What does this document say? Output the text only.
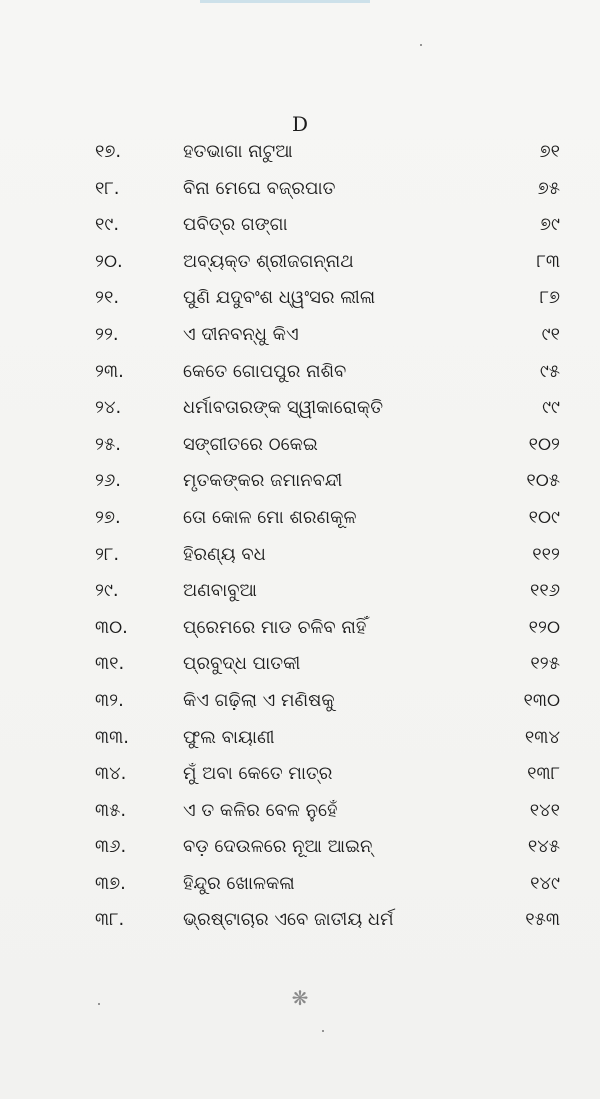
D
୧୭.	ହତଭାଗା ନାଟୁଆ	୭୧
୧୮.	ବିନା ମେଘେ ବଜ୍ରପାତ	୭୫
୧୯.	ପବିତ୍ର ଗଙ୍ଗା	୭୯
୨୦.	ଅବ୍ୟକ୍ତ ଶ୍ରୀଜଗନ୍ନାଥ	୮୩
୨୧.	ପୁଣି ଯଦୁବଂଶ ଧ୍ୱଂସର ଲୀଳା	୮୭
୨୨.	ଏ ଦୀନବନ୍ଧୁ କିଏ	୯୧
୨୩.	କେତେ ଗୋପପୁର ନାଶିବ	୯୫
୨୪.	ଧର୍ମାବତାରଙ୍କ ସ୍ୱୀକାରୋକ୍ତି	୯୯
୨୫.	ସଙ୍ଗୀତରେ ଠକେଇ	୧୦୨
୨୬.	ମୃତକଙ୍କର ଜମାନବନ୍ଦୀ	୧୦୫
୨୭.	ତୋ କୋଳ ମୋ ଶରଣକୂଳ	୧୦୯
୨୮.	ହିରଣ୍ୟ ବଧ	୧୧୨
୨୯.	ଅଣବାବୁଆ	୧୧୬
୩୦.	ପ୍ରେମରେ ମାଡ ଚଳିବ ନାହିଁ	୧୨୦
୩୧.	ପ୍ରବୁଦ୍ଧ ପାତକୀ	୧୨୫
୩୨.	କିଏ ଗଢ଼ିଲା ଏ ମଣିଷକୁ	୧୩୦
୩୩.	ଫୁଲ ବାୟାଣୀ	୧୩୪
୩୪.	ମୁଁ ଅବା କେତେ ମାତ୍ର	୧୩୮
୩୫.	ଏ ତ କଳିର ବେଳ ନୁହେଁ	୧୪୧
୩୬.	ବଡ଼ ଦେଉଳରେ ନୂଆ ଆଇନ୍	୧୪୫
୩୭.	ହିନ୍ଦୁର ଖୋଳକଳା	୧୪୯
୩୮.	ଭ୍ରଷ୍ଟାଚାର ଏବେ ଜାତୀୟ ଧର୍ମ	୧୫୩
❋
